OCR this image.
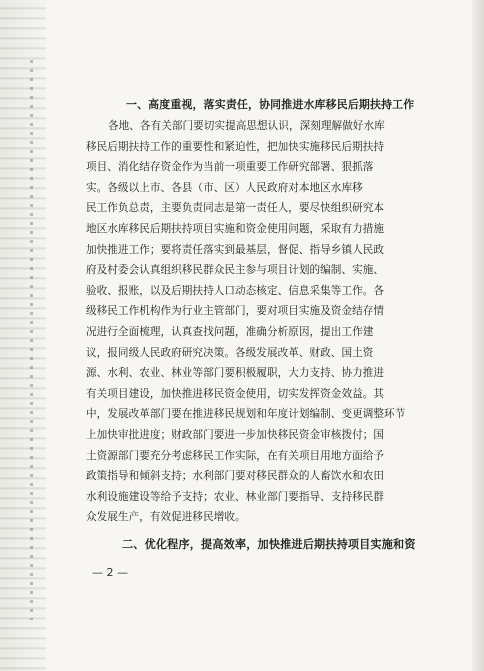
一、高度重视，落实责任，协同推进水库移民后期扶持工作

各地、各有关部门要切实提高思想认识，深刻理解做好水库

移民后期扶持工作的重要性和紧迫性，把加快实施移民后期扶持

项目、消化结存资金作为当前一项重要工作研究部署、狠抓落

实。各级以上市、各县（市、区）人民政府对本地区水库移

民工作负总责，主要负责同志是第一责任人，要尽快组织研究本

地区水库移民后期扶持项目实施和资金使用问题，采取有力措施

加快推进工作；要将责任落实到最基层，督促、指导乡镇人民政

府及村委会认真组织移民群众民主参与项目计划的编制、实施、

验收、报账，以及后期扶持人口动态核定、信息采集等工作。各

级移民工作机构作为行业主管部门，要对项目实施及资金结存情

况进行全面梳理，认真查找问题，准确分析原因，提出工作建

议，报同级人民政府研究决策。各级发展改革、财政、国土资

源、水利、农业、林业等部门要积极履职，大力支持、协力推进

有关项目建设，加快推进移民资金使用，切实发挥资金效益。其

中，发展改革部门要在推进移民规划和年度计划编制、变更调整环节

上加快审批进度；财政部门要进一步加快移民资金审核拨付；国

土资源部门要充分考虑移民工作实际，在有关项目用地方面给予

政策指导和倾斜支持；水利部门要对移民群众的人畜饮水和农田

水利设施建设等给予支持；农业、林业部门要指导、支持移民群

众发展生产，有效促进移民增收。

二、优化程序，提高效率，加快推进后期扶持项目实施和资

— 2 —
